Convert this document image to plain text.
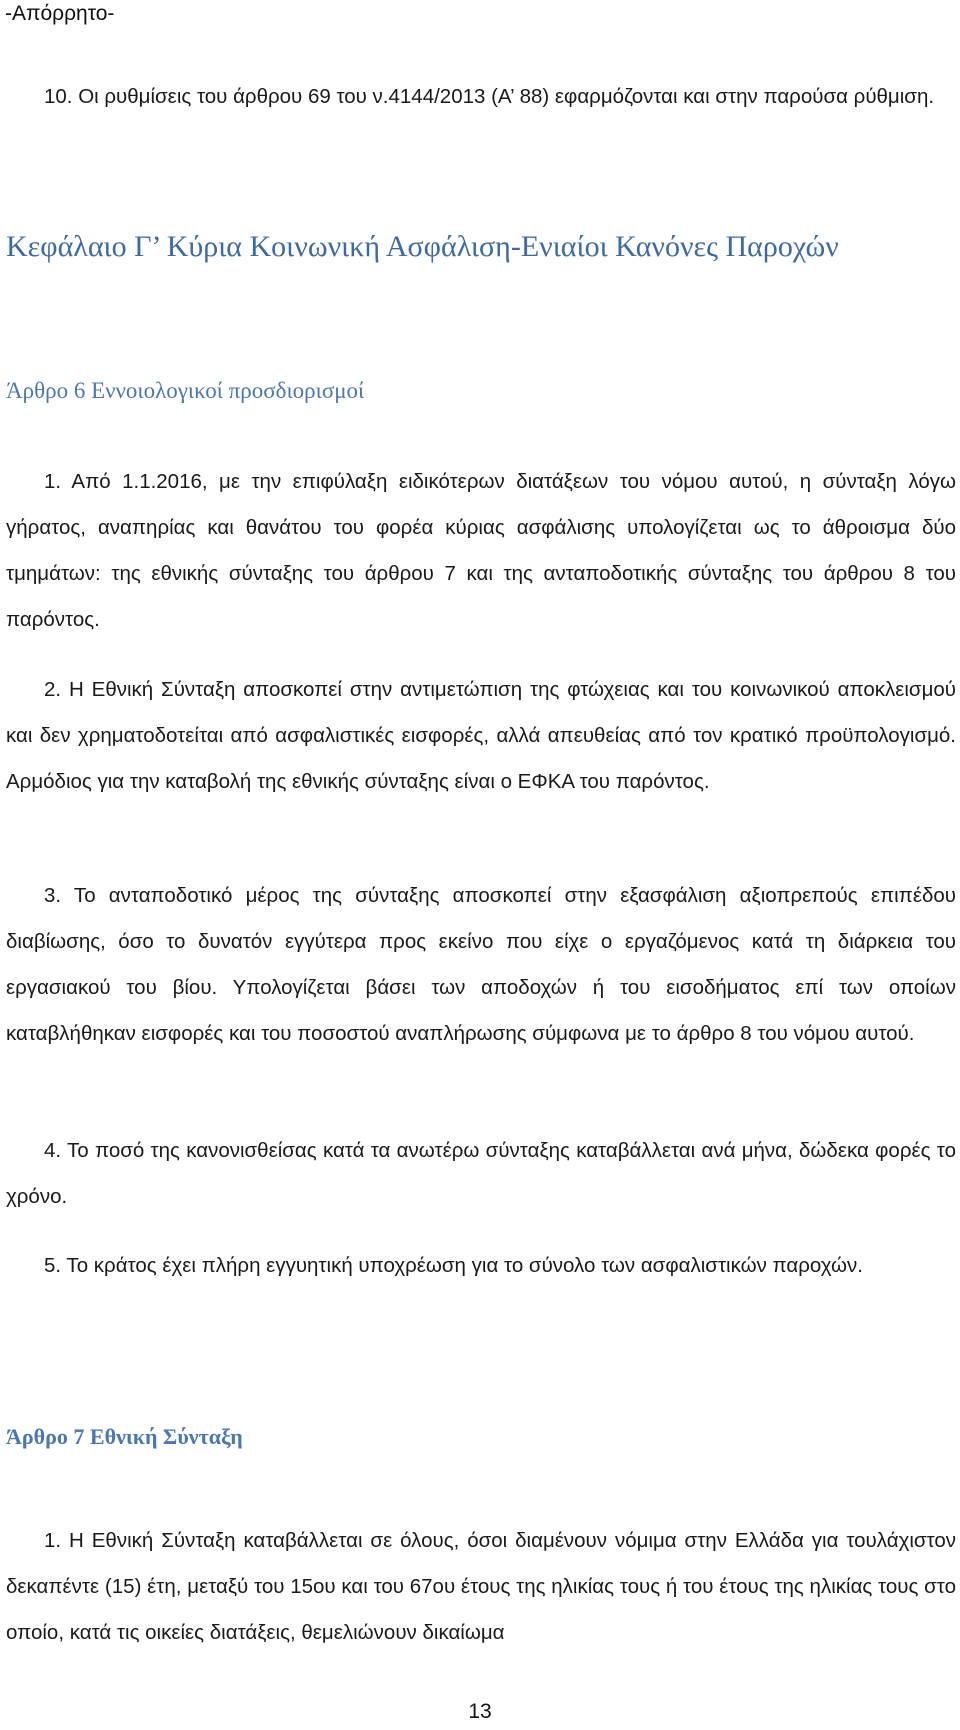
-Απόρρητο-
10. Οι ρυθμίσεις του άρθρου 69 του ν.4144/2013 (Α’ 88) εφαρμόζονται και στην παρούσα ρύθμιση.
Κεφάλαιο Γ’ Κύρια Κοινωνική Ασφάλιση-Ενιαίοι Κανόνες Παροχών
Άρθρο 6 Εννοιολογικοί προσδιορισμοί
1. Από 1.1.2016, με την επιφύλαξη ειδικότερων διατάξεων του νόμου αυτού, η σύνταξη λόγω γήρατος, αναπηρίας και θανάτου του φορέα κύριας ασφάλισης υπολογίζεται ως το άθροισμα δύο τμημάτων: της εθνικής σύνταξης του άρθρου 7 και της ανταποδοτικής σύνταξης του άρθρου 8 του παρόντος.
2. Η Εθνική Σύνταξη αποσκοπεί στην αντιμετώπιση της φτώχειας και του κοινωνικού αποκλεισμού και δεν χρηματοδοτείται από ασφαλιστικές εισφορές, αλλά απευθείας από τον κρατικό προϋπολογισμό. Αρμόδιος για την καταβολή της εθνικής σύνταξης είναι ο ΕΦΚΑ του παρόντος.
3. Το ανταποδοτικό μέρος της σύνταξης αποσκοπεί στην εξασφάλιση αξιοπρεπούς επιπέδου διαβίωσης, όσο το δυνατόν εγγύτερα προς εκείνο που είχε ο εργαζόμενος κατά τη διάρκεια του εργασιακού του βίου. Υπολογίζεται βάσει των αποδοχών ή του εισοδήματος επί των οποίων καταβλήθηκαν εισφορές και του ποσοστού αναπλήρωσης σύμφωνα με το άρθρο 8 του νόμου αυτού.
4. Το ποσό της κανονισθείσας κατά τα ανωτέρω σύνταξης καταβάλλεται ανά μήνα, δώδεκα φορές το χρόνο.
5. Το κράτος έχει πλήρη εγγυητική υποχρέωση για το σύνολο των ασφαλιστικών παροχών.
Άρθρο 7 Εθνική Σύνταξη
1. Η Εθνική Σύνταξη καταβάλλεται σε όλους, όσοι διαμένουν νόμιμα στην Ελλάδα για τουλάχιστον δεκαπέντε (15) έτη, μεταξύ του 15ου και του 67ου έτους της ηλικίας τους ή του έτους της ηλικίας τους στο οποίο, κατά τις οικείες διατάξεις, θεμελιώνουν δικαίωμα
13
